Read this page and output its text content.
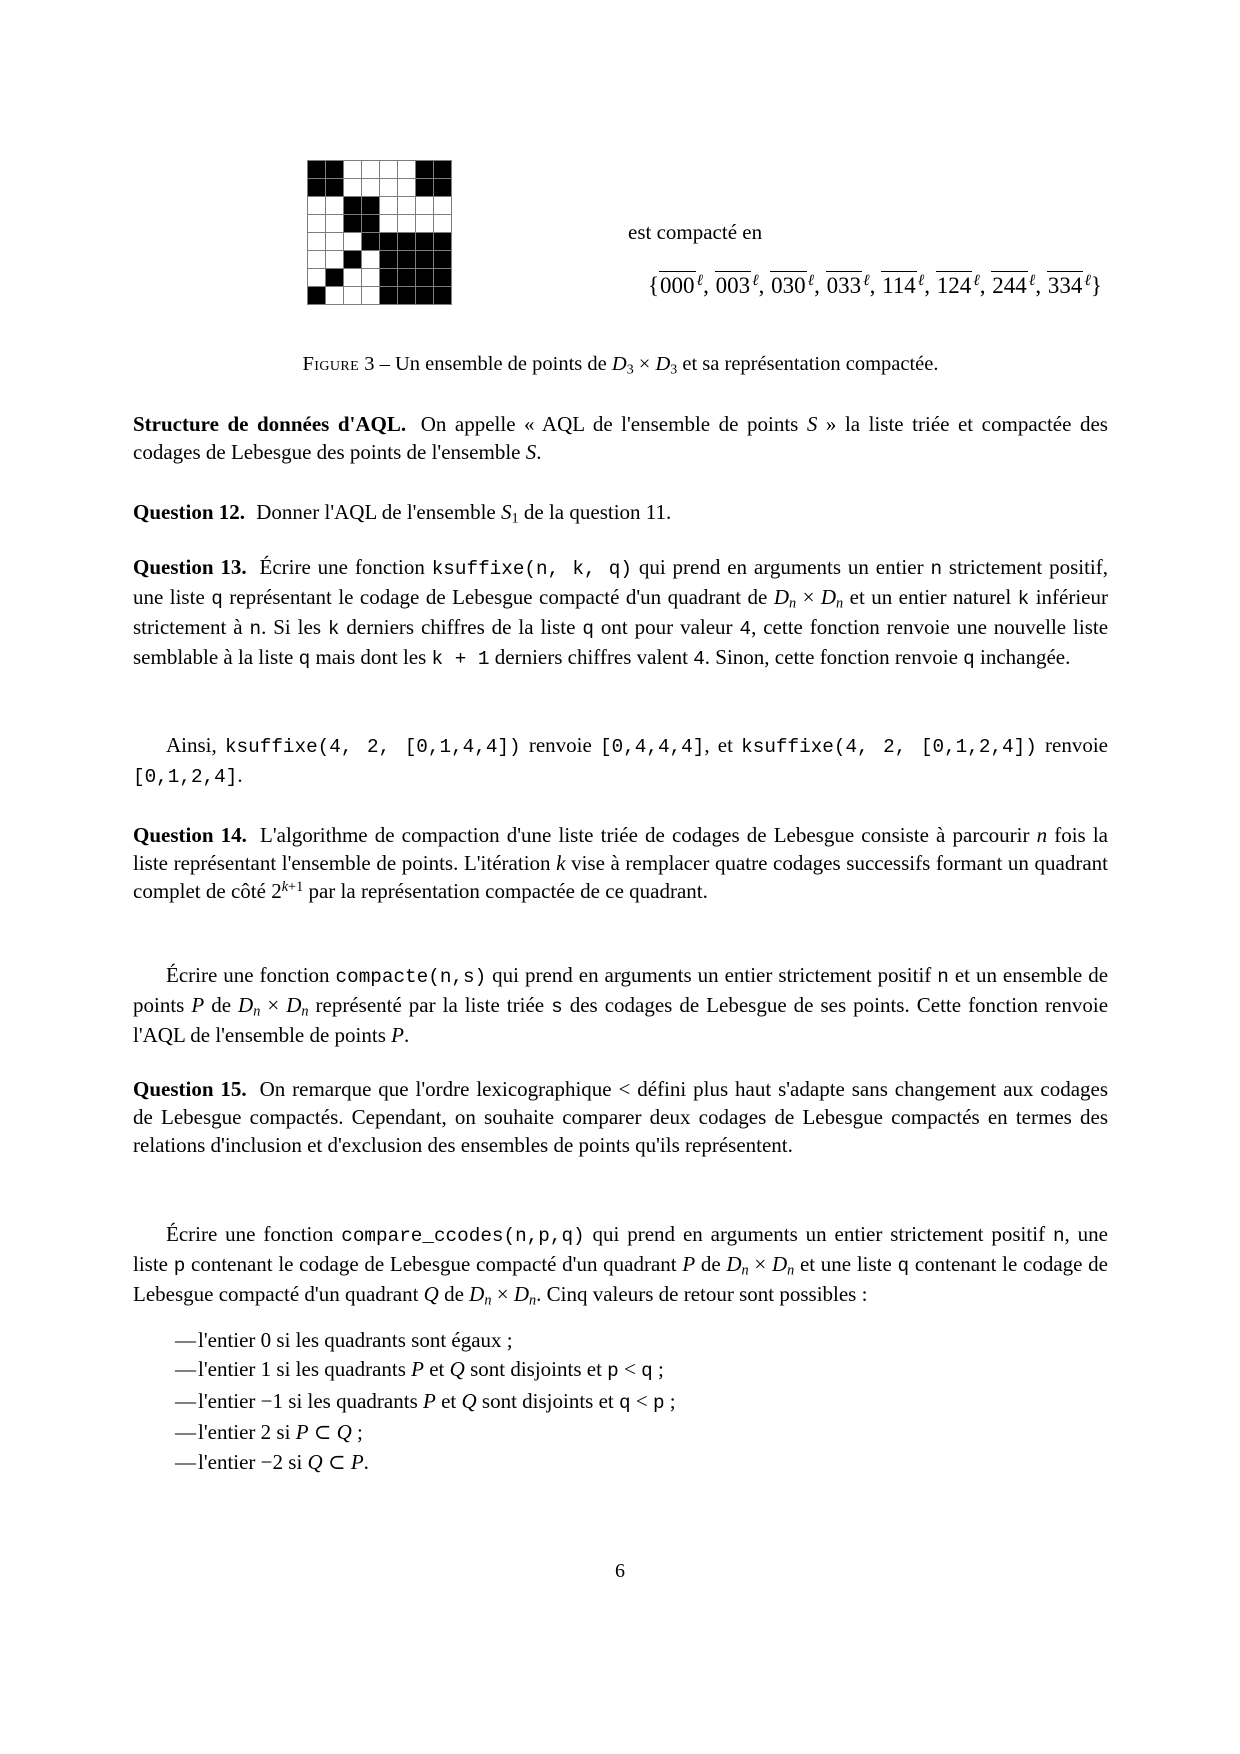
est compacté en
{000 $^\ell$, 003 $^\ell$, 030 $^\ell$, 033 $^\ell$, 114 $^\ell$, 124 $^\ell$, 244 $^\ell$, 334 $^\ell$}
Figure 3 – Un ensemble de points de $D_3 \times D_3$ et sa représentation compactée.
Structure de données d'AQL. On appelle « AQL de l'ensemble de points S » la liste triée et compactée des codages de Lebesgue des points de l'ensemble S.
Question 12. Donner l'AQL de l'ensemble $S_1$ de la question 11.
Question 13. Écrire une fonction ksuffixe(n, k, q) qui prend en arguments un entier n strictement positif, une liste q représentant le codage de Lebesgue compacté d'un quadrant de $D_n \times D_n$ et un entier naturel k inférieur strictement à n. Si les k derniers chiffres de la liste q ont pour valeur 4, cette fonction renvoie une nouvelle liste semblable à la liste q mais dont les k + 1 derniers chiffres valent 4. Sinon, cette fonction renvoie q inchangée.
Ainsi, ksuffixe(4, 2, [0,1,4,4]) renvoie [0,4,4,4], et ksuffixe(4, 2, [0,1,2,4]) renvoie [0,1,2,4].
Question 14. L'algorithme de compaction d'une liste triée de codages de Lebesgue consiste à parcourir n fois la liste représentant l'ensemble de points. L'itération k vise à remplacer quatre codages successifs formant un quadrant complet de côté $2^{k+1}$ par la représentation compactée de ce quadrant.
Écrire une fonction compacte(n,s) qui prend en arguments un entier strictement positif n et un ensemble de points P de $D_n \times D_n$ représenté par la liste triée s des codages de Lebesgue de ses points. Cette fonction renvoie l'AQL de l'ensemble de points P.
Question 15. On remarque que l'ordre lexicographique < défini plus haut s'adapte sans changement aux codages de Lebesgue compactés. Cependant, on souhaite comparer deux codages de Lebesgue compactés en termes des relations d'inclusion et d'exclusion des ensembles de points qu'ils représentent.
Écrire une fonction compare_ccodes(n,p,q) qui prend en arguments un entier strictement positif n, une liste p contenant le codage de Lebesgue compacté d'un quadrant P de $D_n \times D_n$ et une liste q contenant le codage de Lebesgue compacté d'un quadrant Q de $D_n \times D_n$. Cinq valeurs de retour sont possibles :
— l'entier 0 si les quadrants sont égaux ;
— l'entier 1 si les quadrants P et Q sont disjoints et p < q ;
— l'entier −1 si les quadrants P et Q sont disjoints et q < p ;
— l'entier 2 si P ⊂ Q ;
— l'entier −2 si Q ⊂ P.
6
